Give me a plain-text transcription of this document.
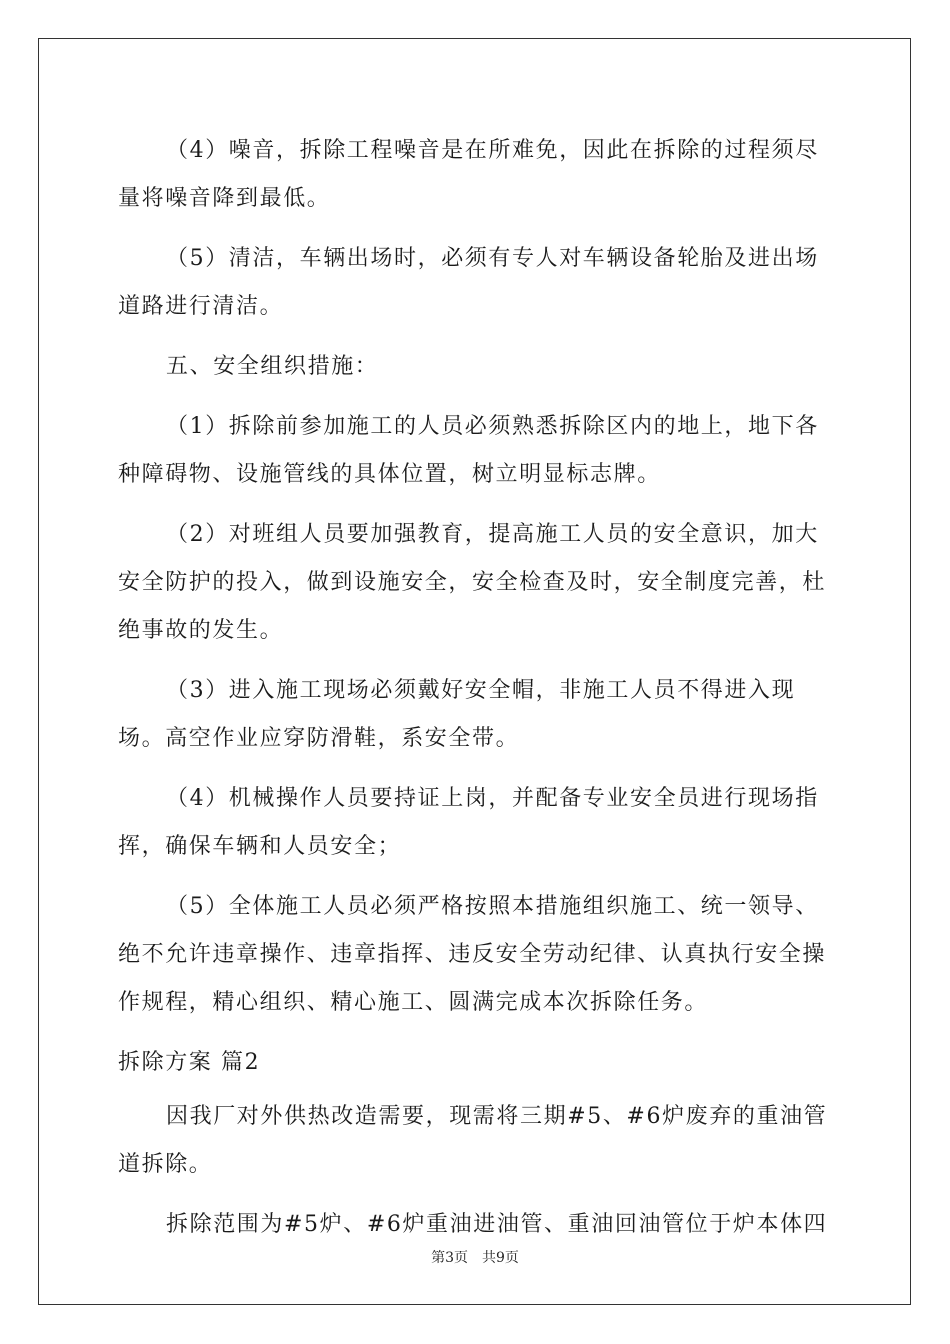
（4）噪音，拆除工程噪音是在所难免，因此在拆除的过程须尽量将噪音降到最低。

（5）清洁，车辆出场时，必须有专人对车辆设备轮胎及进出场道路进行清洁。

五、安全组织措施：

（1）拆除前参加施工的人员必须熟悉拆除区内的地上，地下各种障碍物、设施管线的具体位置，树立明显标志牌。

（2）对班组人员要加强教育，提高施工人员的安全意识，加大安全防护的投入，做到设施安全，安全检查及时，安全制度完善，杜绝事故的发生。

（3）进入施工现场必须戴好安全帽，非施工人员不得进入现场。高空作业应穿防滑鞋，系安全带。

（4）机械操作人员要持证上岗，并配备专业安全员进行现场指挥，确保车辆和人员安全；

（5）全体施工人员必须严格按照本措施组织施工、统一领导、绝不允许违章操作、违章指挥、违反安全劳动纪律、认真执行安全操作规程，精心组织、精心施工、圆满完成本次拆除任务。

拆除方案 篇2

因我厂对外供热改造需要，现需将三期#5、#6炉废弃的重油管道拆除。

拆除范围为#5炉、#6炉重油进油管、重油回油管位于炉本体四

第3页　共9页
